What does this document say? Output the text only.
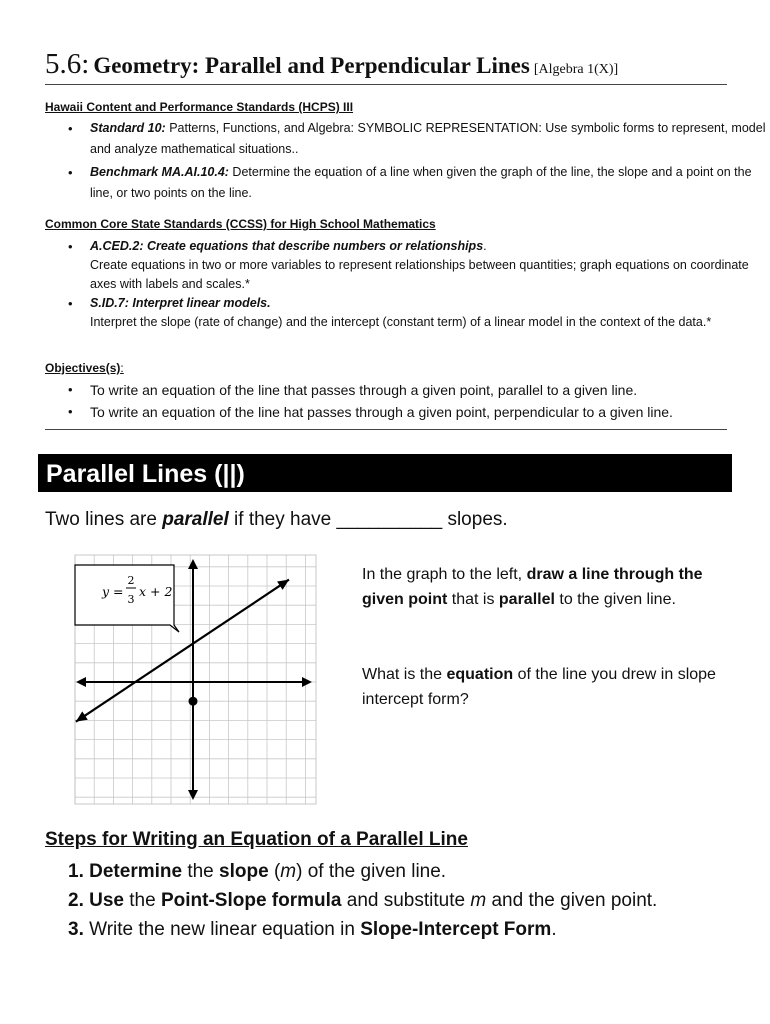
5.6: Geometry: Parallel and Perpendicular Lines [Algebra 1(X)]
Hawaii Content and Performance Standards (HCPS) III
• Standard 10: Patterns, Functions, and Algebra: SYMBOLIC REPRESENTATION: Use symbolic forms to represent, model and analyze mathematical situations..
• Benchmark MA.AI.10.4: Determine the equation of a line when given the graph of the line, the slope and a point on the line, or two points on the line.
Common Core State Standards (CCSS) for High School Mathematics
• A.CED.2: Create equations that describe numbers or relationships.
Create equations in two or more variables to represent relationships between quantities; graph equations on coordinate axes with labels and scales.*
• S.ID.7: Interpret linear models.
Interpret the slope (rate of change) and the intercept (constant term) of a linear model in the context of the data.*
Objectives(s):
• To write an equation of the line that passes through a given point, parallel to a given line.
• To write an equation of the line hat passes through a given point, perpendicular to a given line.
Parallel Lines (||)
Two lines are parallel if they have __________ slopes.
y =
2
3
x + 2
In the graph to the left, draw a line through the given point that is parallel to the given line.
What is the equation of the line you drew in slope intercept form?
Steps for Writing an Equation of a Parallel Line
1. Determine the slope (m) of the given line.
2. Use the Point-Slope formula and substitute m and the given point.
3. Write the new linear equation in Slope-Intercept Form.
